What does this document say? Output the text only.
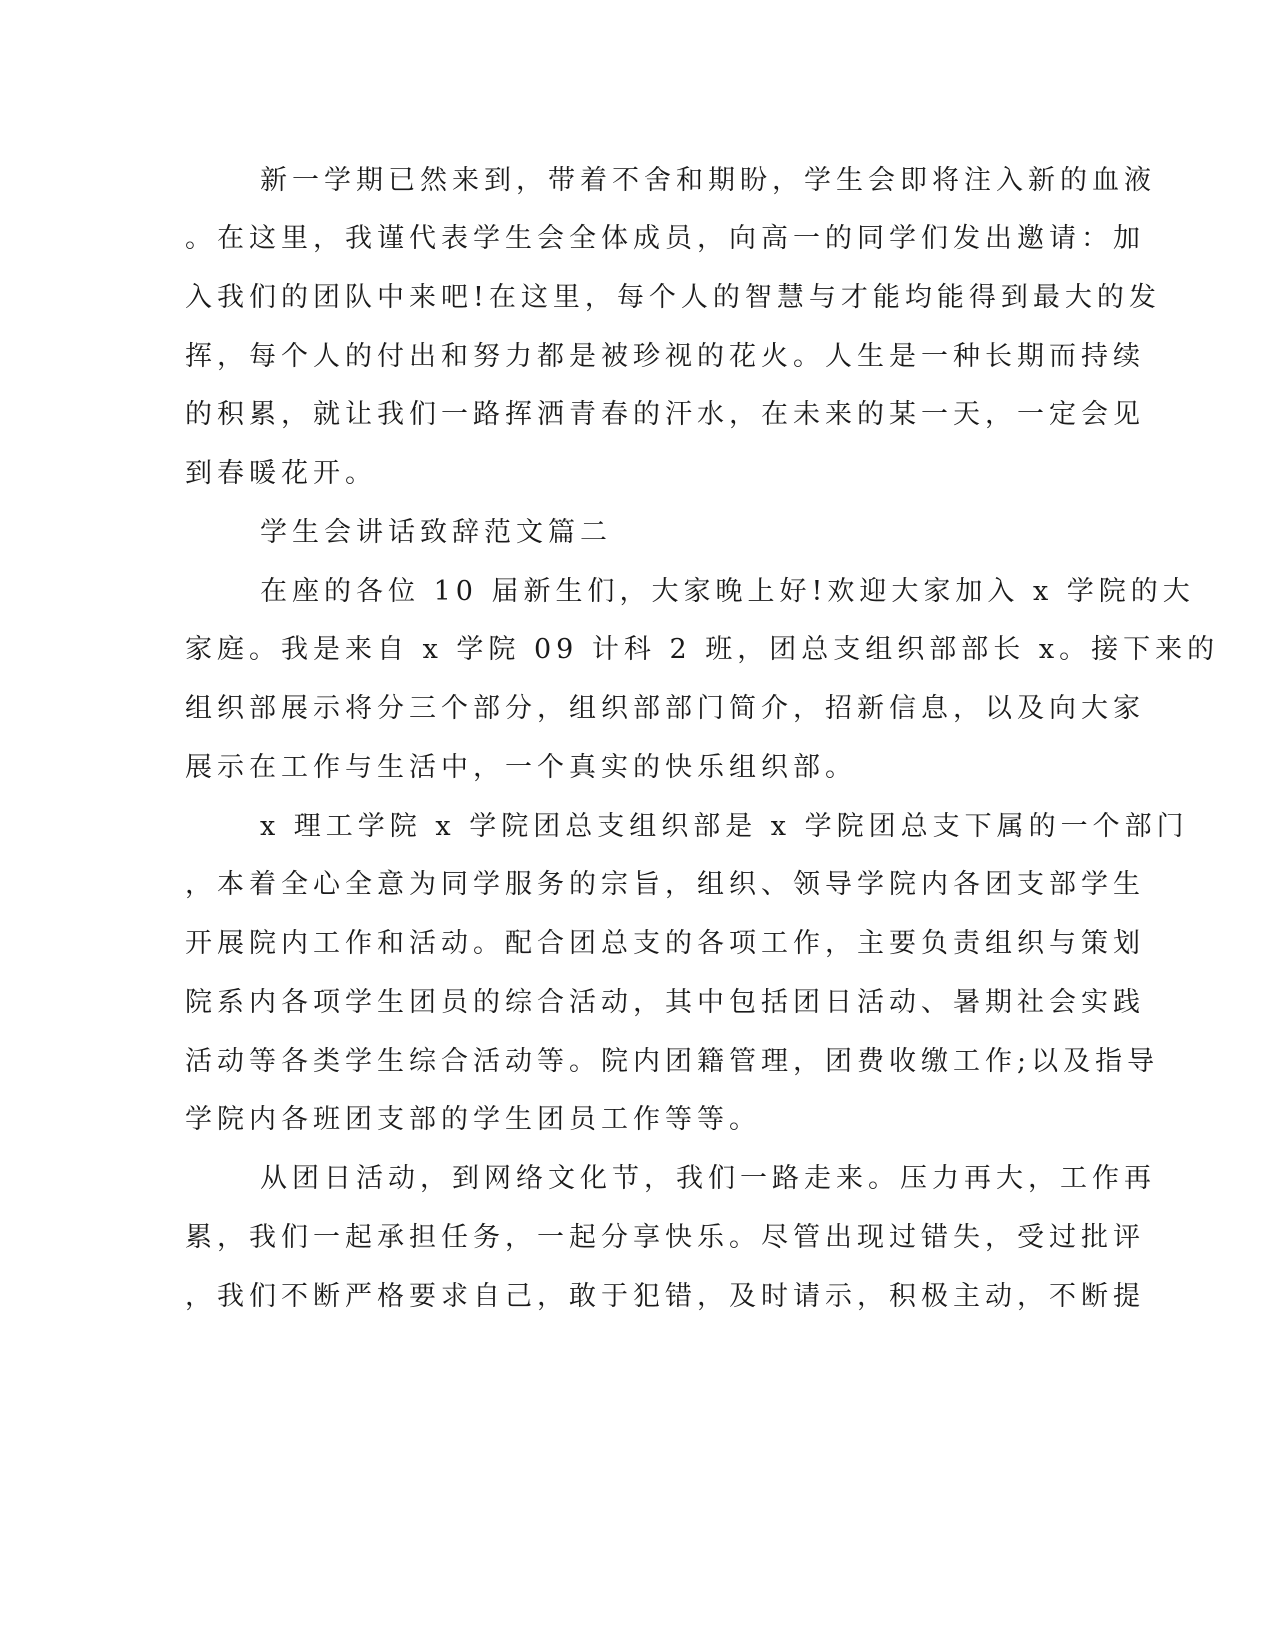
新一学期已然来到，带着不舍和期盼，学生会即将注入新的血液
。在这里，我谨代表学生会全体成员，向高一的同学们发出邀请：加
入我们的团队中来吧!在这里，每个人的智慧与才能均能得到最大的发
挥，每个人的付出和努力都是被珍视的花火。人生是一种长期而持续
的积累，就让我们一路挥洒青春的汗水，在未来的某一天，一定会见
到春暖花开。
学生会讲话致辞范文篇二
在座的各位 10 届新生们，大家晚上好!欢迎大家加入 x 学院的大
家庭。我是来自 x 学院 09 计科 2 班，团总支组织部部长 x。接下来的
组织部展示将分三个部分，组织部部门简介，招新信息，以及向大家
展示在工作与生活中，一个真实的快乐组织部。
x 理工学院 x 学院团总支组织部是 x 学院团总支下属的一个部门
，本着全心全意为同学服务的宗旨，组织、领导学院内各团支部学生
开展院内工作和活动。配合团总支的各项工作，主要负责组织与策划
院系内各项学生团员的综合活动，其中包括团日活动、暑期社会实践
活动等各类学生综合活动等。院内团籍管理，团费收缴工作;以及指导
学院内各班团支部的学生团员工作等等。
从团日活动，到网络文化节，我们一路走来。压力再大，工作再
累，我们一起承担任务，一起分享快乐。尽管出现过错失，受过批评
，我们不断严格要求自己，敢于犯错，及时请示，积极主动，不断提
